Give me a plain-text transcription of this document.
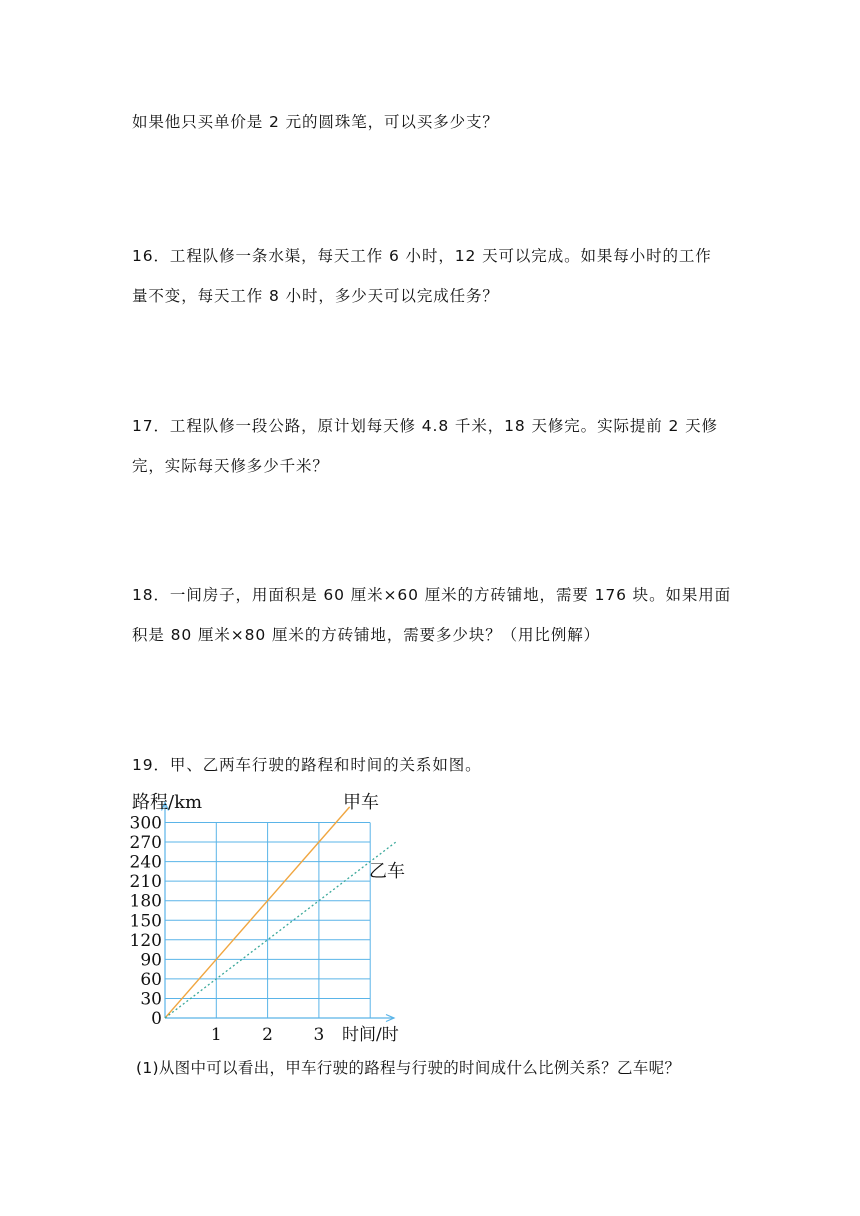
如果他只买单价是 2 元的圆珠笔，可以买多少支？
16．工程队修一条水渠，每天工作 6 小时，12 天可以完成。如果每小时的工作
量不变，每天工作 8 小时，多少天可以完成任务？
17．工程队修一段公路，原计划每天修 4.8 千米，18 天修完。实际提前 2 天修
完，实际每天修多少千米？
18．一间房子，用面积是 60 厘米×60 厘米的方砖铺地，需要 176 块。如果用面
积是 80 厘米×80 厘米的方砖铺地，需要多少块？（用比例解）
19．甲、乙两车行驶的路程和时间的关系如图。
30
60
90
120
150
180
210
240
270
300
1 2 3
0
路程/km
时间/时
甲车
乙车
(1)从图中可以看出，甲车行驶的路程与行驶的时间成什么比例关系？乙车呢？
